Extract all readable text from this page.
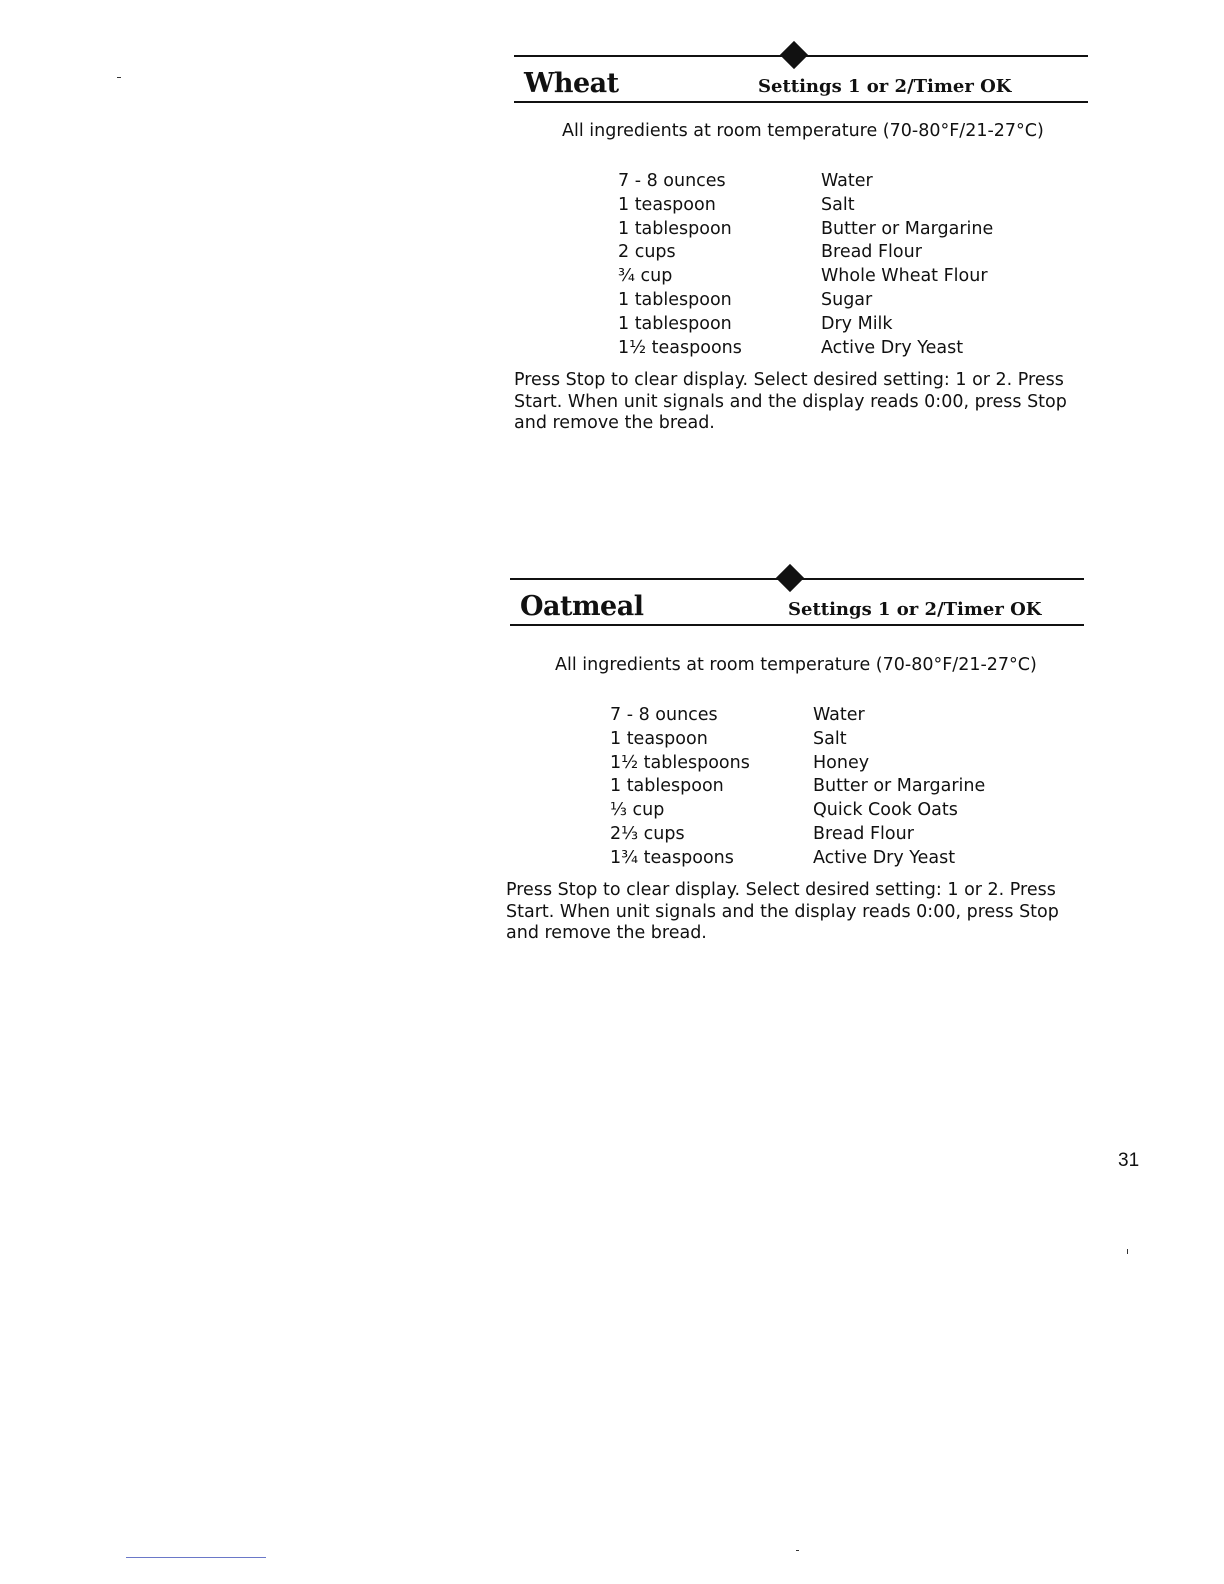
Wheat	Settings 1 or 2/Timer OK
All ingredients at room temperature (70-80°F/21-27°C)
7 - 8 ounces	Water
1 teaspoon	Salt
1 tablespoon	Butter or Margarine
2 cups	Bread Flour
¾ cup	Whole Wheat Flour
1 tablespoon	Sugar
1 tablespoon	Dry Milk
1½ teaspoons	Active Dry Yeast

Press Stop to clear display. Select desired setting: 1 or 2. Press Start. When unit signals and the display reads 0:00, press Stop and remove the bread.

Oatmeal	Settings 1 or 2/Timer OK
All ingredients at room temperature (70-80°F/21-27°C)
7 - 8 ounces	Water
1 teaspoon	Salt
1½ tablespoons	Honey
1 tablespoon	Butter or Margarine
⅓ cup	Quick Cook Oats
2⅓ cups	Bread Flour
1¾ teaspoons	Active Dry Yeast

Press Stop to clear display. Select desired setting: 1 or 2. Press Start. When unit signals and the display reads 0:00, press Stop and remove the bread.

31
